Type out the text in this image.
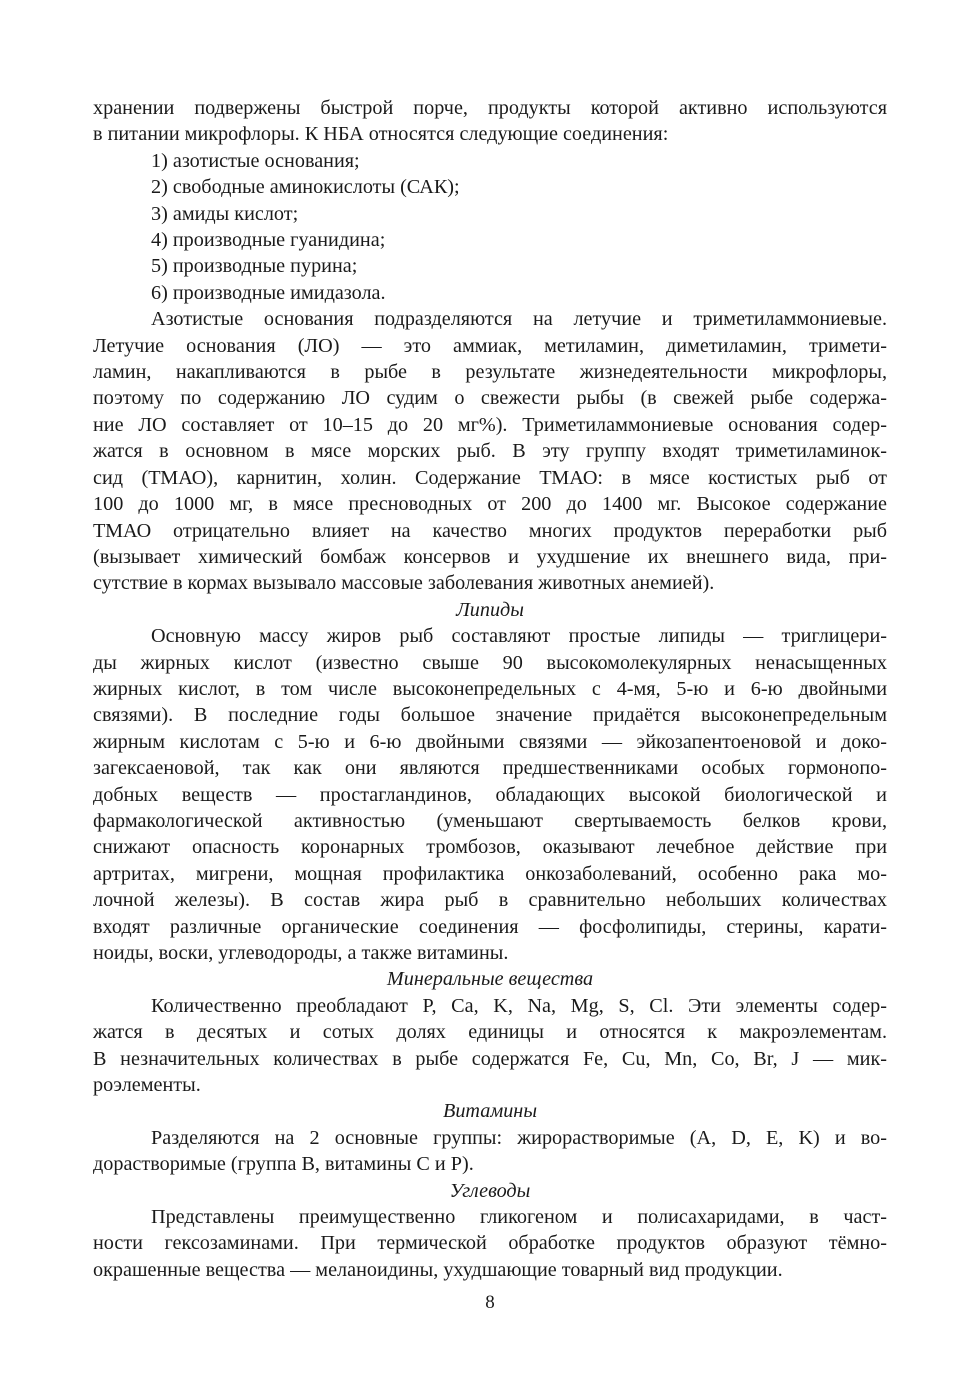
хранении подвержены быстрой порче, продукты которой активно используются

в питании микрофлоры. К НБА относятся следующие соединения:

1) азотистые основания;

2) свободные аминокислоты (САК);

3) амиды кислот;

4) производные гуанидина;

5) производные пурина;

6) производные имидазола.

Азотистые основания подразделяются на летучие и триметиламмониевые.

Летучие основания (ЛО) — это аммиак, метиламин, диметиламин, тримети-

ламин, накапливаются в рыбе в результате жизнедеятельности микрофлоры,

поэтому по содержанию ЛО судим о свежести рыбы (в свежей рыбе содержа-

ние ЛО составляет от 10–15 до 20 мг%). Триметиламмониевые основания содер-

жатся в основном в мясе морских рыб. В эту группу входят триметиламинок-

сид (ТМАО), карнитин, холин. Содержание ТМАО: в мясе костистых рыб от

100 до 1000 мг, в мясе пресноводных от 200 до 1400 мг. Высокое содержание

ТМАО отрицательно влияет на качество многих продуктов переработки рыб

(вызывает химический бомбаж консервов и ухудшение их внешнего вида, при-

сутствие в кормах вызывало массовые заболевания животных анемией).

Липиды

Основную массу жиров рыб составляют простые липиды — триглицери-

ды жирных кислот (известно свыше 90 высокомолекулярных ненасыщенных

жирных кислот, в том числе высоконепредельных с 4-мя, 5-ю и 6-ю двойными

связями). В последние годы большое значение придаётся высоконепредельным

жирным кислотам с 5-ю и 6-ю двойными связями — эйкозапентоеновой и доко-

загексаеновой, так как они являются предшественниками особых гормонопо-

добных веществ — простагландинов, обладающих высокой биологической и

фармакологической активностью (уменьшают свертываемость белков крови,

снижают опасность коронарных тромбозов, оказывают лечебное действие при

артритах, мигрени, мощная профилактика онкозаболеваний, особенно рака мо-

лочной железы). В состав жира рыб в сравнительно небольших количествах

входят различные органические соединения — фосфолипиды, стерины, карати-

ноиды, воски, углеводороды, а также витамины.

Минеральные вещества

Количественно преобладают P, Ca, K, Na, Mg, S, Cl. Эти элементы содер-

жатся в десятых и сотых долях единицы и относятся к макроэлементам.

В незначительных количествах в рыбе содержатся Fe, Cu, Mn, Co, Br, J — мик-

роэлементы.

Витамины

Разделяются на 2 основные группы: жирорастворимые (A, D, E, K) и во-

дорастворимые (группа B, витамины C и P).

Углеводы

Представлены преимущественно гликогеном и полисахаридами, в част-

ности гексозаминами. При термической обработке продуктов образуют тёмно-

окрашенные вещества — меланоидины, ухудшающие товарный вид продукции.

8
